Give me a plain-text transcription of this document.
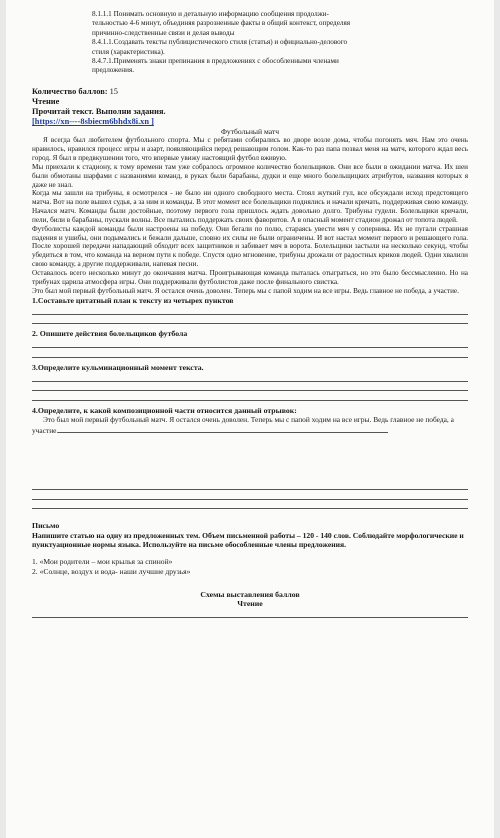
8.1.1.1 Понимать основную и детальную информацию сообщения продолжи-

тельностью 4-6 минут, объединяя разрозненные факты в общий контекст, определяя

причинно-следственные связи и делая выводы

8.4.1.1.Создавать тексты публицистического стиля (статья) и официально-делового

стиля (характеристика).

8.4.7.1.Применять знаки препинания в предложениях с обособленными членами

предложения.

Количество баллов: 15

Чтение

Прочитай текст. Выполни задания.

[https://xn----8sbiecm6bhdx8i.xn ]

Футбольный матч

Я всегда был любителем футбольного спорта. Мы с ребятами собирались во дворе возле дома, чтобы погонять мяч. Нам это очень нравилось, нравился процесс игры и азарт, появляющийся перед решающим голом. Как-то раз папа позвал меня на матч, которого ждал весь город. Я был в предвкушении того, что впервые увижу настоящий футбол вживую.

Мы приехали к стадиону, к тому времени там уже собралось огромное количество болельщиков. Они все были в ожидании матча. Их шеи были обмотаны шарфами с названиями команд, в руках были барабаны, дудки и еще много болельщицких атрибутов, названия которых я даже не знал.

Когда мы зашли на трибуны, я осмотрелся - не было ни одного свободного места. Стоял жуткий гул, все обсуждали исход предстоящего матча. Вот на поле вышел судья, а за ним и команды. В этот момент все болельщики поднялись и начали кричать, поддерживая свою команду.

Начался матч. Команды были достойные, поэтому первого гола пришлось ждать довольно долго. Трибуны гудели. Болельщики кричали, пели, били в барабаны, пускали волны. Все пытались поддержать своих фаворитов. А в опасный момент стадион дрожал от топота людей.

Футболисты каждой команды были настроены на победу. Они бегали по полю, стараясь увести мяч у соперника. Их не пугали страшная падения и ушибы, они подымались и бежали дальше, словно их силы не были ограничены. И вот настал момент первого и решающего гола. После хорошей передачи нападающий обходит всех защитников и забивает мяч в ворота. Болельщики застыли на несколько секунд, чтобы убедиться в том, что команда на верном пути к победе. Спустя одно мгновение, трибуны дрожали от радостных криков людей. Одни хвалили свою команду, а другие поддерживали, напевая песни.

Оставалось всего несколько минут до окончания матча. Проигрывающая команда пыталась отыграться, но это было бессмысленно. Но на трибунах царила атмосфера игры. Они поддерживали футболистов даже после финального свистка.

Это был мой первый футбольный матч. Я остался очень доволен. Теперь мы с папой ходим на все игры. Ведь главное не победа, а участие.

1.Составьте цитатный план к тексту из четырех пунктов

2. Опишите действия болельщиков футбола

3.Определите кульминационный момент текста.

4.Определите, к какой композиционной части относится данный отрывок:

Это был мой первый футбольный матч. Я остался очень доволен. Теперь мы с папой ходим на все игры. Ведь главное не победа, а

участие.

Письмо

Напишите статью на одну из предложенных тем. Объем письменной работы – 120 - 140 слов. Соблюдайте морфологические и пунктуационные нормы языка. Используйте на письме обособленные члены предложения.

1. «Мои родители – мои крылья за спиной»

2. «Солнце, воздух и вода- наши лучшие друзья»

Схемы выставления баллов

Чтение
